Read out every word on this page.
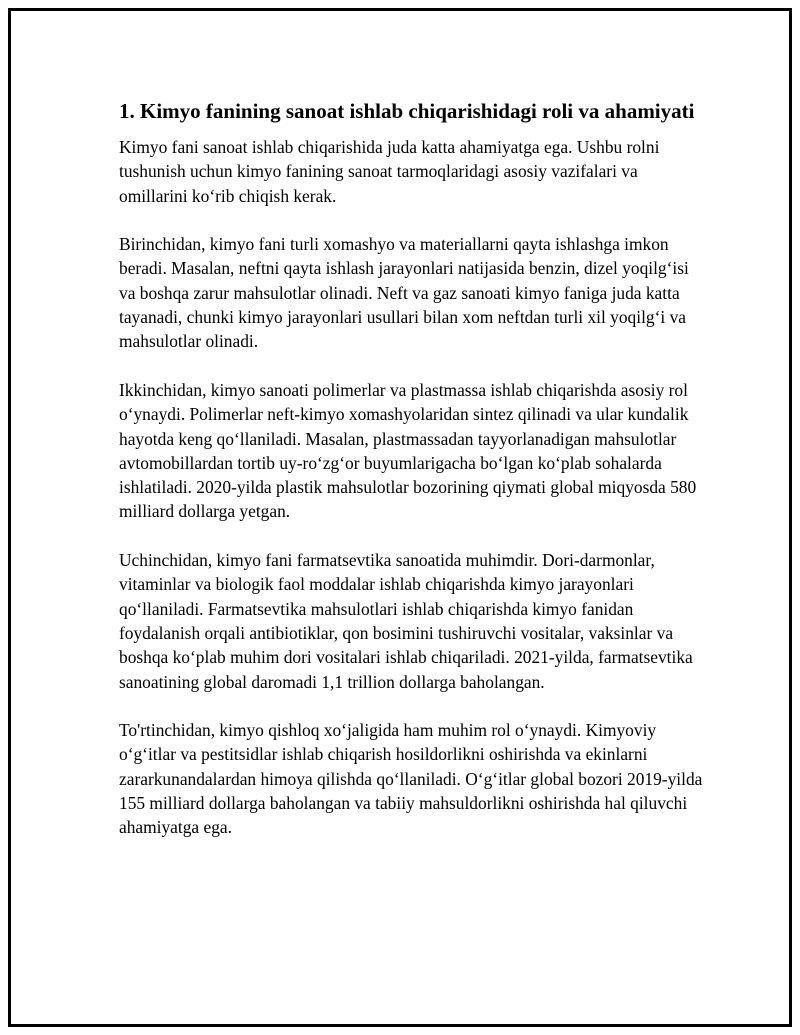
1. Kimyo fanining sanoat ishlab chiqarishidagi roli va ahamiyati

Kimyo fani sanoat ishlab chiqarishida juda katta ahamiyatga ega. Ushbu rolni tushunish uchun kimyo fanining sanoat tarmoqlaridagi asosiy vazifalari va omillarini ko‘rib chiqish kerak.

Birinchidan, kimyo fani turli xomashyo va materiallarni qayta ishlashga imkon beradi. Masalan, neftni qayta ishlash jarayonlari natijasida benzin, dizel yoqilg‘isi va boshqa zarur mahsulotlar olinadi. Neft va gaz sanoati kimyo faniga juda katta tayanadi, chunki kimyo jarayonlari usullari bilan xom neftdan turli xil yoqilg‘i va mahsulotlar olinadi.

Ikkinchidan, kimyo sanoati polimerlar va plastmassa ishlab chiqarishda asosiy rol o‘ynaydi. Polimerlar neft-kimyo xomashyolaridan sintez qilinadi va ular kundalik hayotda keng qo‘llaniladi. Masalan, plastmassadan tayyorlanadigan mahsulotlar avtomobillardan tortib uy-ro‘zg‘or buyumlarigacha bo‘lgan ko‘plab sohalarda ishlatiladi. 2020-yilda plastik mahsulotlar bozorining qiymati global miqyosda 580 milliard dollarga yetgan.

Uchinchidan, kimyo fani farmatsevtika sanoatida muhimdir. Dori-darmonlar, vitaminlar va biologik faol moddalar ishlab chiqarishda kimyo jarayonlari qo‘llaniladi. Farmatsevtika mahsulotlari ishlab chiqarishda kimyo fanidan foydalanish orqali antibiotiklar, qon bosimini tushiruvchi vositalar, vaksinlar va boshqa ko‘plab muhim dori vositalari ishlab chiqariladi. 2021-yilda, farmatsevtika sanoatining global daromadi 1,1 trillion dollarga baholangan.

To'rtinchidan, kimyo qishloq xo‘jaligida ham muhim rol o‘ynaydi. Kimyoviy o‘g‘itlar va pestitsidlar ishlab chiqarish hosildorlikni oshirishda va ekinlarni zararkunandalardan himoya qilishda qo‘llaniladi. O‘g‘itlar global bozori 2019-yilda 155 milliard dollarga baholangan va tabiiy mahsuldorlikni oshirishda hal qiluvchi ahamiyatga ega.
